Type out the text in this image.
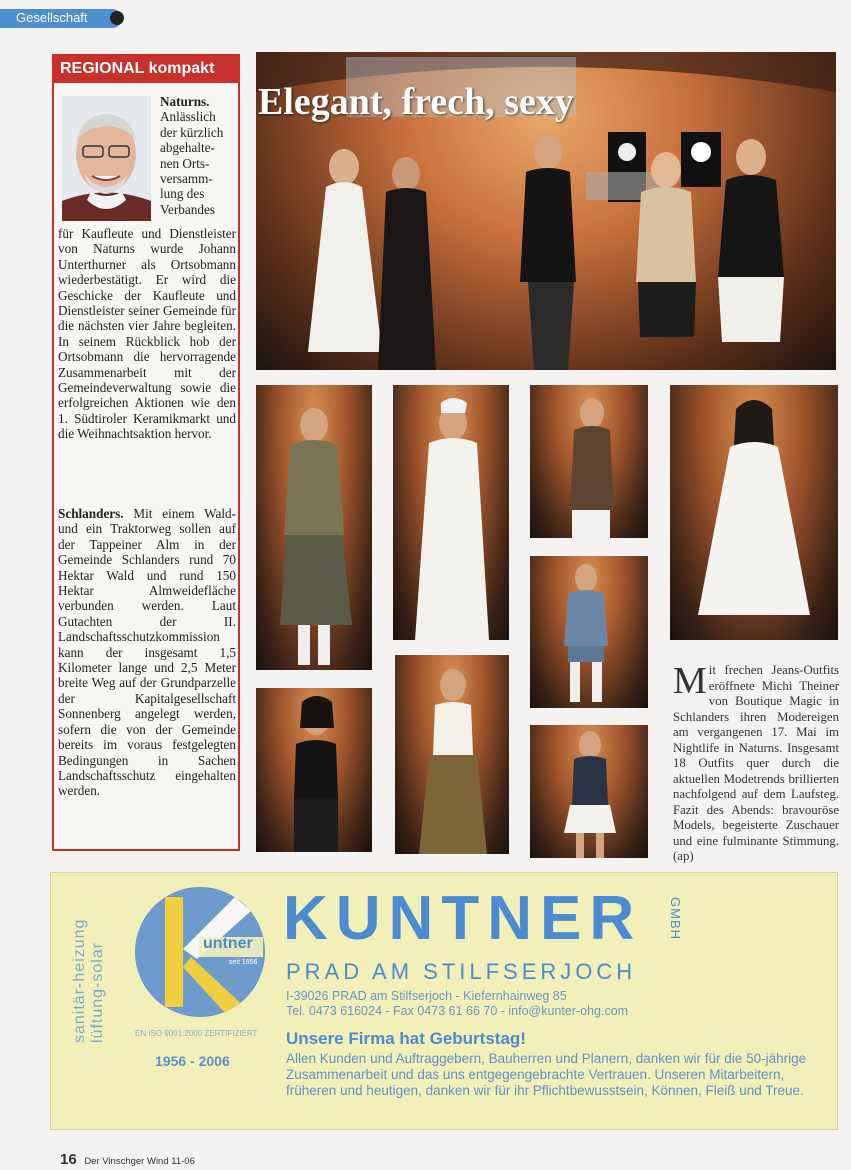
Gesellschaft
REGIONAL kompakt
Naturns.
Anlässlich
der kürzlich
abgehalte-
nen Orts-
versamm-
lung des
Verbandes
für Kaufleute und Dienstleister von Naturns wurde Johann Unterthurner als Ortsobmann wiederbestätigt. Er wird die Geschicke der Kaufleute und Dienstleister seiner Gemeinde für die nächsten vier Jahre begleiten. In seinem Rückblick hob der Ortsobmann die hervorragende Zusammenarbeit mit der Gemeindeverwaltung sowie die erfolgreichen Aktionen wie den 1. Südtiroler Keramikmarkt und die Weihnachtsaktion hervor.
Schlanders. Mit einem Wald- und ein Traktorweg sollen auf der Tappeiner Alm in der Gemeinde Schlanders rund 70 Hektar Wald und rund 150 Hektar Almweidefläche verbunden werden. Laut Gutachten der II. Landschaftsschutzkommission kann der insgesamt 1,5 Kilometer lange und 2,5 Meter breite Weg auf der Grundparzelle der Kapitalgesellschaft Sonnenberg angelegt werden, sofern die von der Gemeinde bereits im voraus festgelegten Bedingungen in Sachen Landschaftsschutz eingehalten werden.
Elegant, frech, sexy
M it frechen Jeans-Outfits eröffnete Michi Theiner von Boutique Magic in Schlanders ihren Modereigen am vergangenen 17. Mai im Nightlife in Naturns. Insgesamt 18 Outfits quer durch die aktuellen Modetrends brillierten nachfolgend auf dem Laufsteg. Fazit des Abends: bravouröse Models, begeisterte Zuschauer und eine fulminante Stimmung. (ap)
sanitär-heizung
lüftung-solar	untner
seit 1956
KUNTNER GMBH
PRAD AM STILFSERJOCH
I-39026 PRAD am Stilfserjoch - Kiefernhainweg 85
Tel. 0473 616024 - Fax 0473 61 66 70 - info@kunter-ohg.com
EN ISO 9001:2000 ZERTIFIZIERT
1956 - 2006
Unsere Firma hat Geburtstag!
Allen Kunden und Auftraggebern, Bauherren und Planern, danken wir für die 50-jährige Zusammenarbeit und das uns entgegengebrachte Vertrauen. Unseren Mitarbeitern, früheren und heutigen, danken wir für ihr Pflichtbewusstsein, Können, Fleiß und Treue.
16 Der Vinschger Wind 11-06
